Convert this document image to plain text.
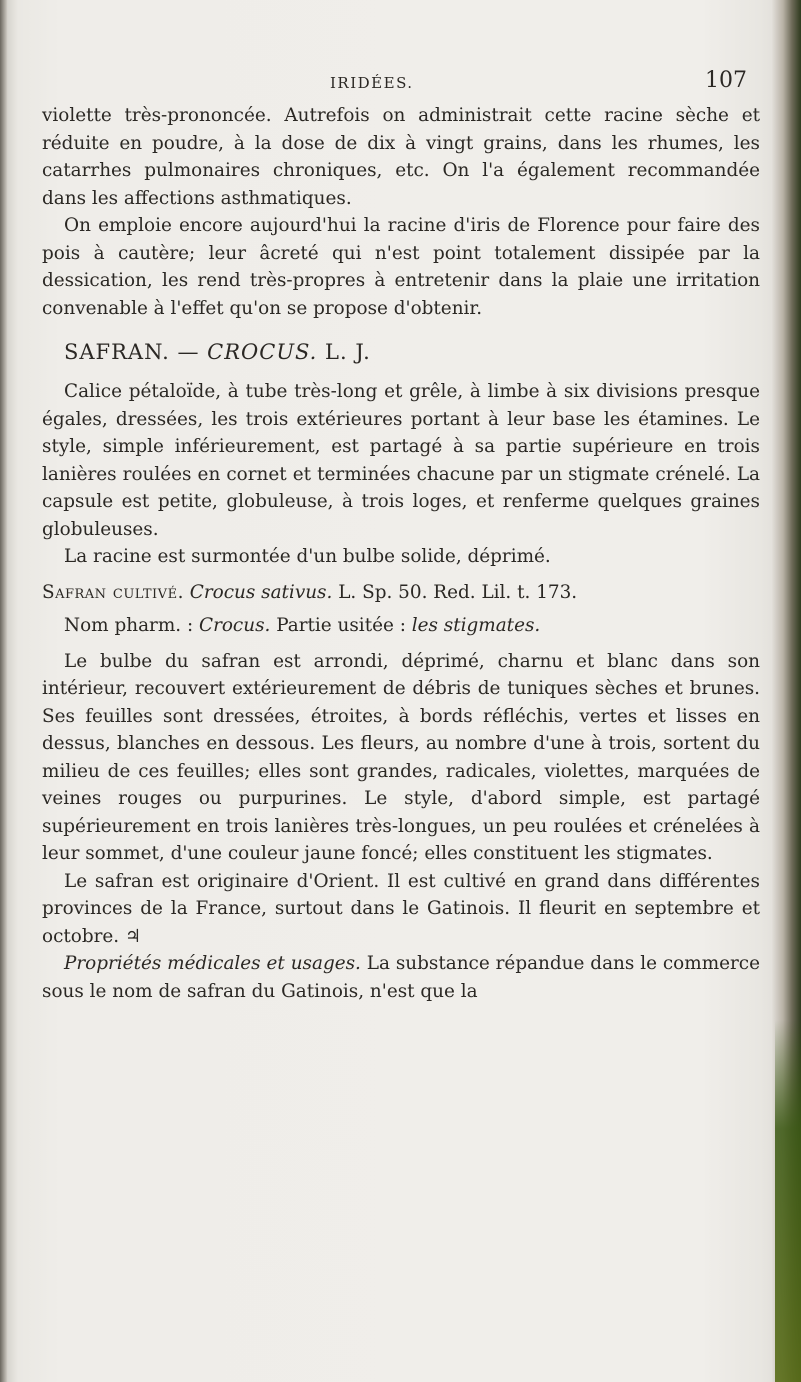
IRIDÉES.	107

violette très-prononcée. Autrefois on administrait cette racine sèche et réduite en poudre, à la dose de dix à vingt grains, dans les rhumes, les catarrhes pulmonaires chroniques, etc. On l'a également recommandée dans les affections asthmatiques.

On emploie encore aujourd'hui la racine d'iris de Florence pour faire des pois à cautère; leur âcreté qui n'est point totalement dissipée par la dessication, les rend très-propres à entretenir dans la plaie une irritation convenable à l'effet qu'on se propose d'obtenir.

SAFRAN. — CROCUS. L. J.

Calice pétaloïde, à tube très-long et grêle, à limbe à six divisions presque égales, dressées, les trois extérieures portant à leur base les étamines. Le style, simple inférieurement, est partagé à sa partie supérieure en trois lanières roulées en cornet et terminées chacune par un stigmate crénelé. La capsule est petite, globuleuse, à trois loges, et renferme quelques graines globuleuses.

La racine est surmontée d'un bulbe solide, déprimé.

Safran cultivé. Crocus sativus. L. Sp. 50. Red. Lil. t. 173.

Nom pharm. : Crocus. Partie usitée : les stigmates.

Le bulbe du safran est arrondi, déprimé, charnu et blanc dans son intérieur, recouvert extérieurement de débris de tuniques sèches et brunes. Ses feuilles sont dressées, étroites, à bords réfléchis, vertes et lisses en dessus, blanches en dessous. Les fleurs, au nombre d'une à trois, sortent du milieu de ces feuilles; elles sont grandes, radicales, violettes, marquées de veines rouges ou purpurines. Le style, d'abord simple, est partagé supérieurement en trois lanières très-longues, un peu roulées et crénelées à leur sommet, d'une couleur jaune foncé; elles constituent les stigmates.

Le safran est originaire d'Orient. Il est cultivé en grand dans différentes provinces de la France, surtout dans le Gatinois. Il fleurit en septembre et octobre. ♃

Propriétés médicales et usages. La substance répandue dans le commerce sous le nom de safran du Gatinois, n'est que la
